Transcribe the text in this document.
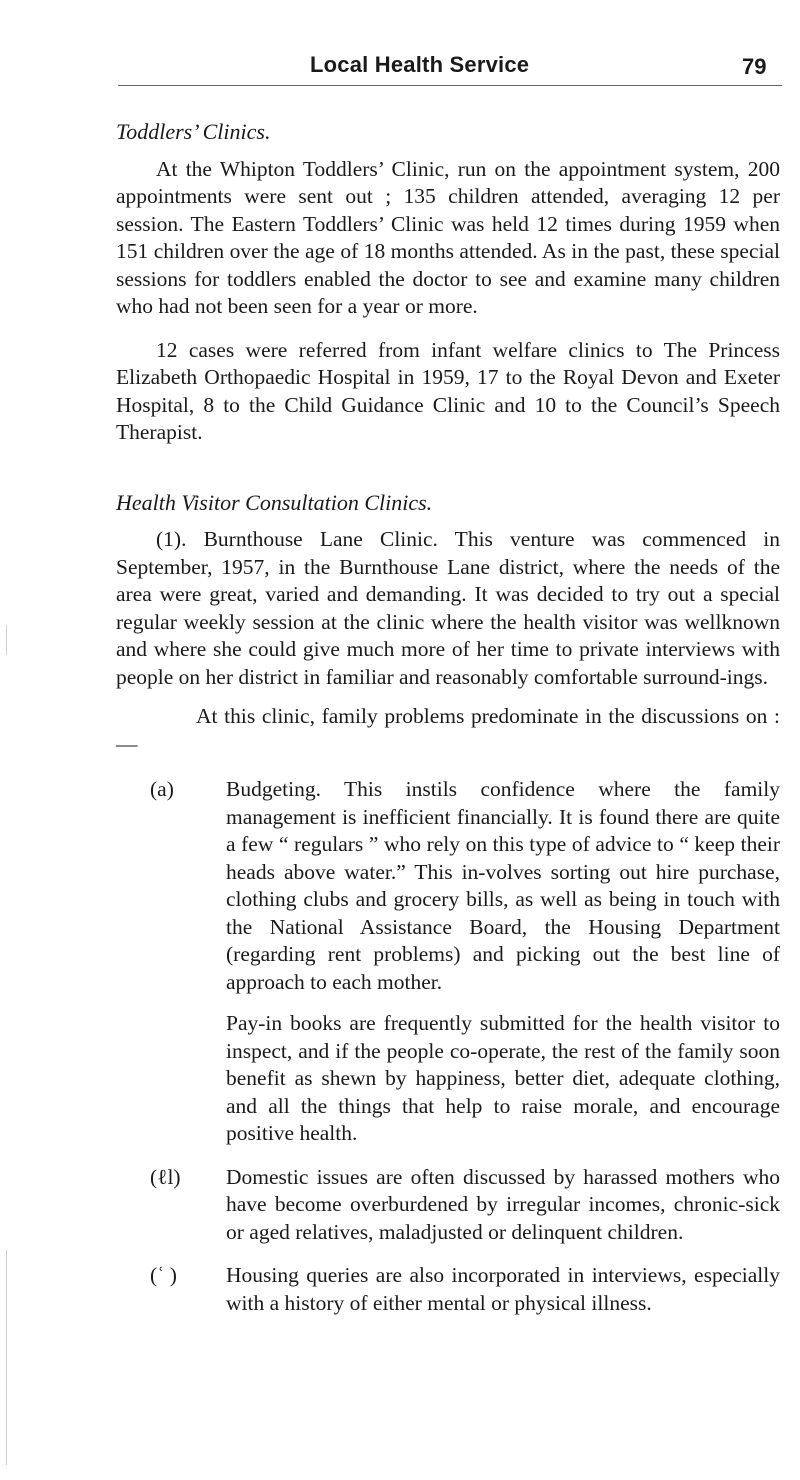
Local Health Service	79
Toddlers’ Clinics.

At the Whipton Toddlers’ Clinic, run on the appointment system, 200 appointments were sent out ; 135 children attended, averaging 12 per session. The Eastern Toddlers’ Clinic was held 12 times during 1959 when 151 children over the age of 18 months attended. As in the past, these special sessions for toddlers enabled the doctor to see and examine many children who had not been seen for a year or more.

12 cases were referred from infant welfare clinics to The Princess Elizabeth Orthopaedic Hospital in 1959, 17 to the Royal Devon and Exeter Hospital, 8 to the Child Guidance Clinic and 10 to the Council’s Speech Therapist.

Health Visitor Consultation Clinics.

(1). Burnthouse Lane Clinic. This venture was commenced in September, 1957, in the Burnthouse Lane district, where the needs of the area were great, varied and demanding. It was decided to try out a special regular weekly session at the clinic where the health visitor was wellknown and where she could give much more of her time to private interviews with people on her district in familiar and reasonably comfortable surround-ings.

At this clinic, family problems predominate in the discussions on :—

(a)	Budgeting. This instils confidence where the family management is inefficient financially. It is found there are quite a few “ regulars ” who rely on this type of advice to “ keep their heads above water.” This in-volves sorting out hire purchase, clothing clubs and grocery bills, as well as being in touch with the National Assistance Board, the Housing Department (regarding rent problems) and picking out the best line of approach to each mother.

Pay-in books are frequently submitted for the health visitor to inspect, and if the people co-operate, the rest of the family soon benefit as shewn by happiness, better diet, adequate clothing, and all the things that help to raise morale, and encourage positive health.

(ℓl)	Domestic issues are often discussed by harassed mothers who have become overburdened by irregular incomes, chronic-sick or aged relatives, maladjusted or delinquent children.

(ʿ )	Housing queries are also incorporated in interviews, especially with a history of either mental or physical illness.
